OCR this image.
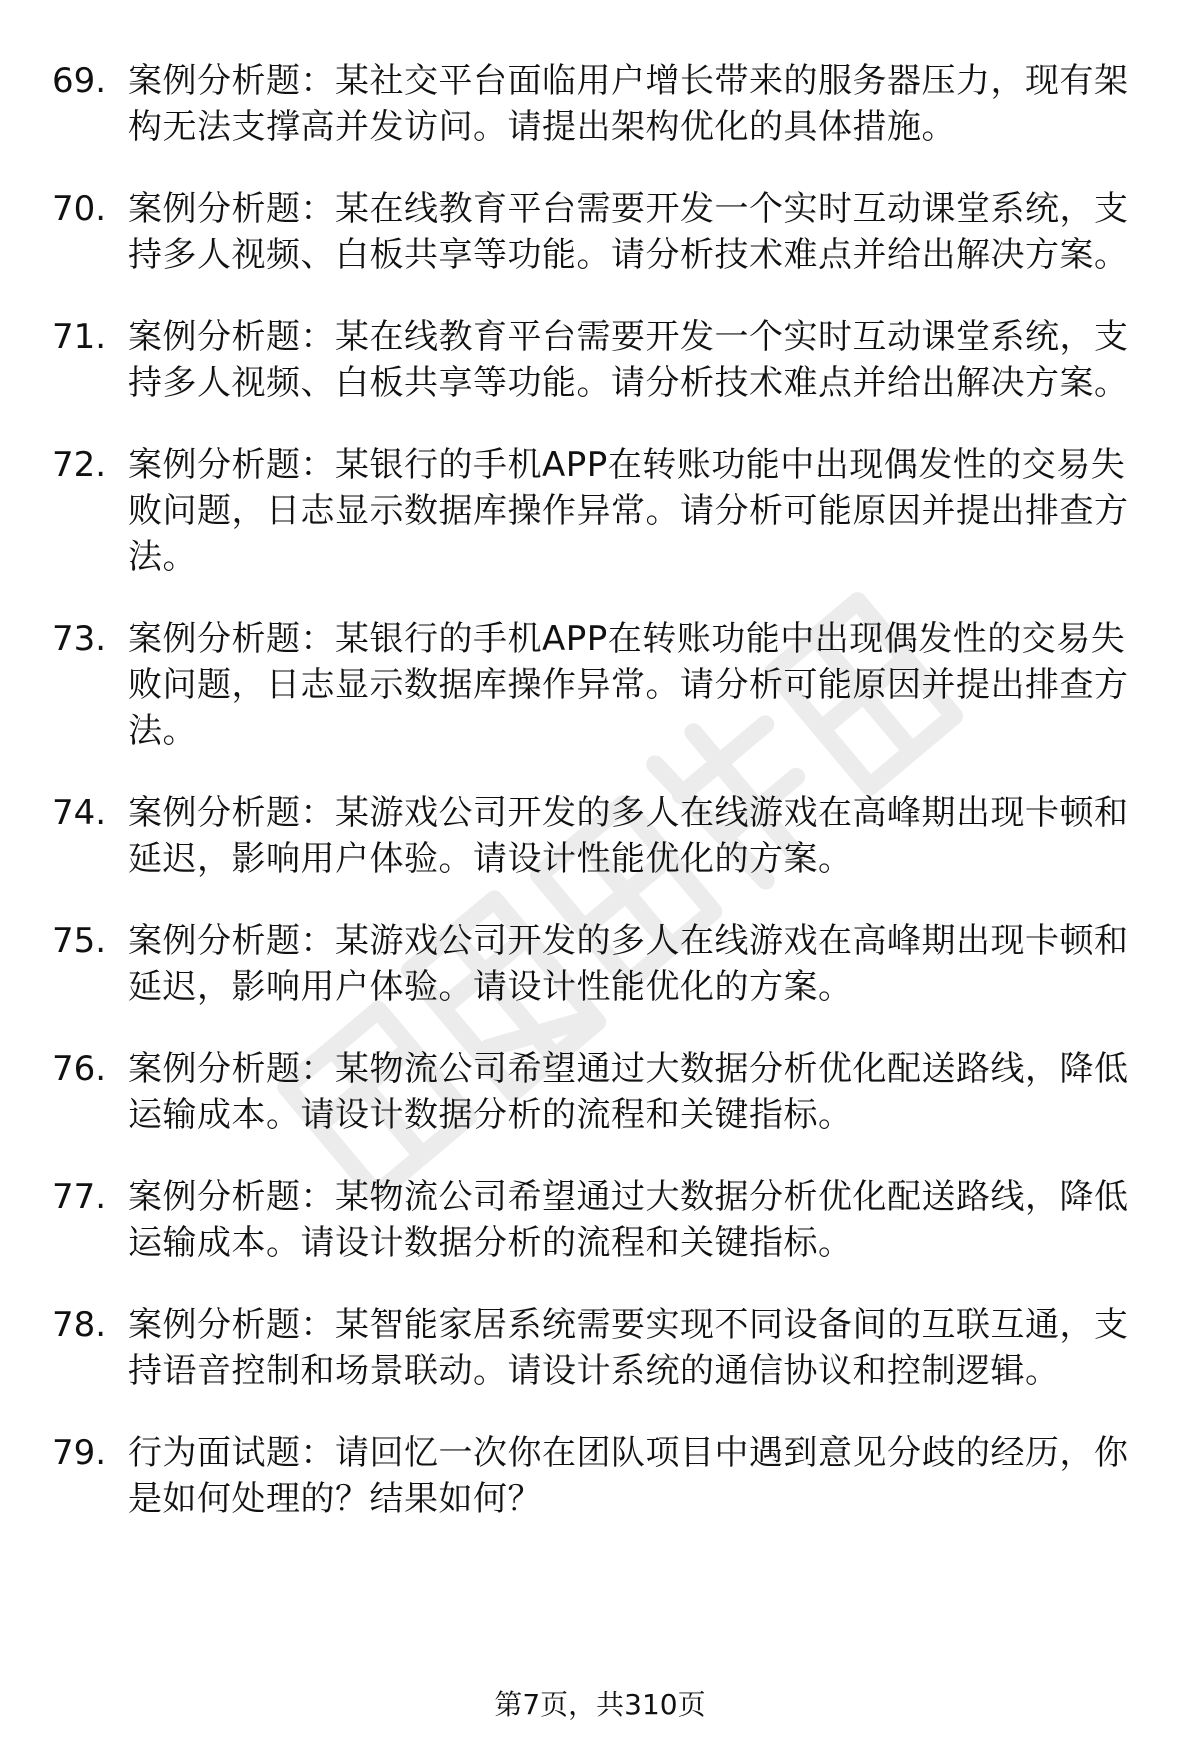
69. 案例分析题：某社交平台面临用户增长带来的服务器压力，现有架构无法支撑高并发访问。请提出架构优化的具体措施。
70. 案例分析题：某在线教育平台需要开发一个实时互动课堂系统，支持多人视频、白板共享等功能。请分析技术难点并给出解决方案。
71. 案例分析题：某在线教育平台需要开发一个实时互动课堂系统，支持多人视频、白板共享等功能。请分析技术难点并给出解决方案。
72. 案例分析题：某银行的手机APP在转账功能中出现偶发性的交易失败问题，日志显示数据库操作异常。请分析可能原因并提出排查方法。
73. 案例分析题：某银行的手机APP在转账功能中出现偶发性的交易失败问题，日志显示数据库操作异常。请分析可能原因并提出排查方法。
74. 案例分析题：某游戏公司开发的多人在线游戏在高峰期出现卡顿和延迟，影响用户体验。请设计性能优化的方案。
75. 案例分析题：某游戏公司开发的多人在线游戏在高峰期出现卡顿和延迟，影响用户体验。请设计性能优化的方案。
76. 案例分析题：某物流公司希望通过大数据分析优化配送路线，降低运输成本。请设计数据分析的流程和关键指标。
77. 案例分析题：某物流公司希望通过大数据分析优化配送路线，降低运输成本。请设计数据分析的流程和关键指标。
78. 案例分析题：某智能家居系统需要实现不同设备间的互联互通，支持语音控制和场景联动。请设计系统的通信协议和控制逻辑。
79. 行为面试题：请回忆一次你在团队项目中遇到意见分歧的经历，你是如何处理的？结果如何？
第7页，共310页
